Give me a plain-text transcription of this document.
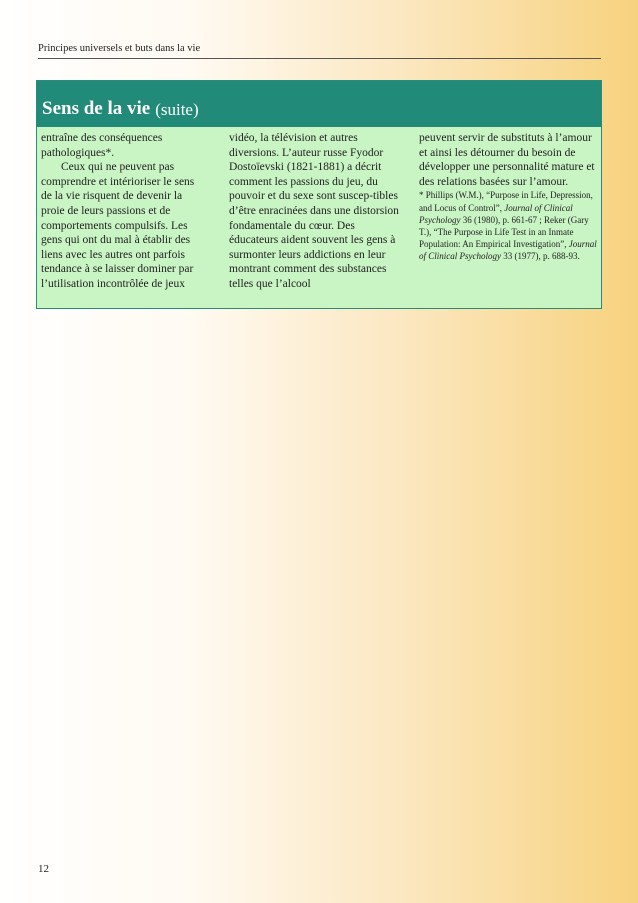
Principes universels et buts dans la vie
Sens de la vie (suite)

entraîne des conséquences pathologiques*.

Ceux qui ne peuvent pas comprendre et intérioriser le sens de la vie risquent de devenir la proie de leurs passions et de comportements compulsifs. Les gens qui ont du mal à établir des liens avec les autres ont parfois tendance à se laisser dominer par l’utilisation incontrôlée de jeux

vidéo, la télévision et autres diversions. L’auteur russe Fyodor Dostoïevski (1821-1881) a décrit comment les passions du jeu, du pouvoir et du sexe sont suscep-tibles d’être enracinées dans une distorsion fondamentale du cœur. Des éducateurs aident souvent les gens à surmonter leurs addictions en leur montrant comment des substances telles que l’alcool

peuvent servir de substituts à l’amour et ainsi les détourner du besoin de développer une personnalité mature et des relations basées sur l’amour.

* Phillips (W.M.), “Purpose in Life, Depression, and Locus of Control”, Journal of Clinical Psychology 36 (1980), p. 661-67 ; Reker (Gary T.), “The Purpose in Life Test in an Inmate Population: An Empirical Investigation”, Journal of Clinical Psychology 33 (1977), p. 688-93.

12
